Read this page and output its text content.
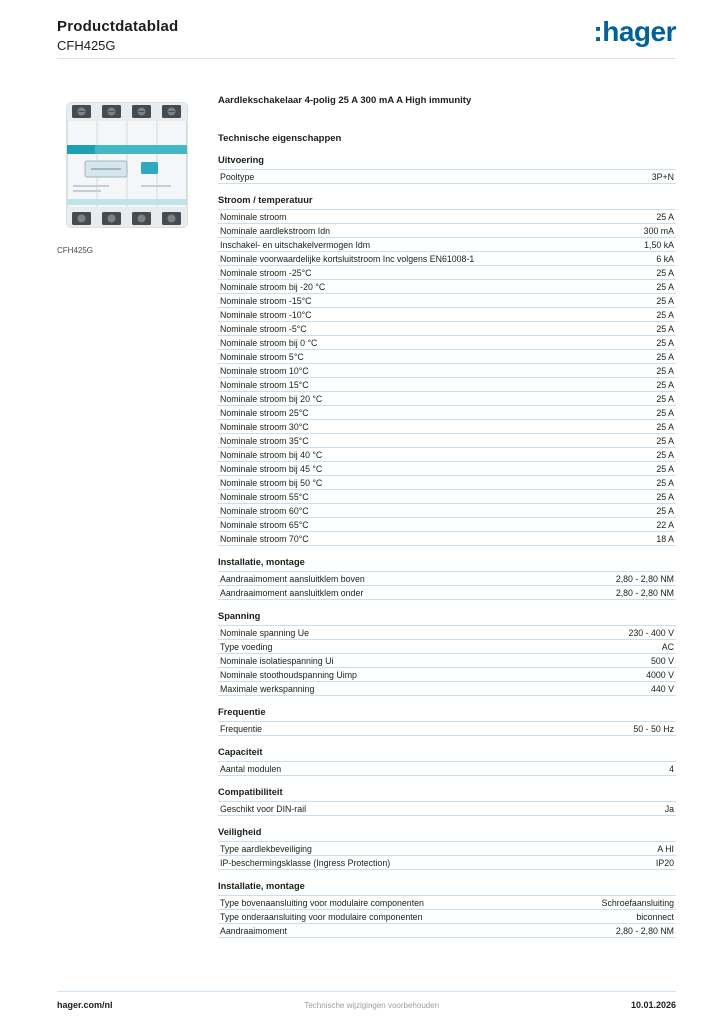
Productdatablad
CFH425G	:hager
CFH425G
Aardlekschakelaar 4-polig 25 A 300 mA A High immunity
Technische eigenschappen
Uitvoering
Pooltype	3P+N
Stroom / temperatuur
Nominale stroom	25 A
Nominale aardlekstroom Idn	300 mA
Inschakel- en uitschakelvermogen Idm	1,50 kA
Nominale voorwaardelijke kortsluitstroom Inc volgens EN61008-1	6 kA
Nominale stroom -25°C	25 A
Nominale stroom bij -20 °C	25 A
Nominale stroom -15°C	25 A
Nominale stroom -10°C	25 A
Nominale stroom -5°C	25 A
Nominale stroom bij 0 °C	25 A
Nominale stroom 5°C	25 A
Nominale stroom 10°C	25 A
Nominale stroom 15°C	25 A
Nominale stroom bij 20 °C	25 A
Nominale stroom 25°C	25 A
Nominale stroom 30°C	25 A
Nominale stroom 35°C	25 A
Nominale stroom bij 40 °C	25 A
Nominale stroom bij 45 °C	25 A
Nominale stroom bij 50 °C	25 A
Nominale stroom 55°C	25 A
Nominale stroom 60°C	25 A
Nominale stroom 65°C	22 A
Nominale stroom 70°C	18 A
Installatie, montage
Aandraaimoment aansluitklem boven	2,80 - 2,80 NM
Aandraaimoment aansluitklem onder	2,80 - 2,80 NM
Spanning
Nominale spanning Ue	230 - 400 V
Type voeding	AC
Nominale isolatiespanning Ui	500 V
Nominale stoothoudspanning Uimp	4000 V
Maximale werkspanning	440 V
Frequentie
Frequentie	50 - 50 Hz
Capaciteit
Aantal modulen	4
Compatibiliteit
Geschikt voor DIN-rail	Ja
Veiligheid
Type aardlekbeveiliging	A HI
IP-beschermingsklasse (Ingress Protection)	IP20
Installatie, montage
Type bovenaansluiting voor modulaire componenten	Schroefaansluiting
Type onderaansluiting voor modulaire componenten	biconnect
Aandraaimoment	2,80 - 2,80 NM
hager.com/nl	Technische wijzigingen voorbehouden	10.01.2026
